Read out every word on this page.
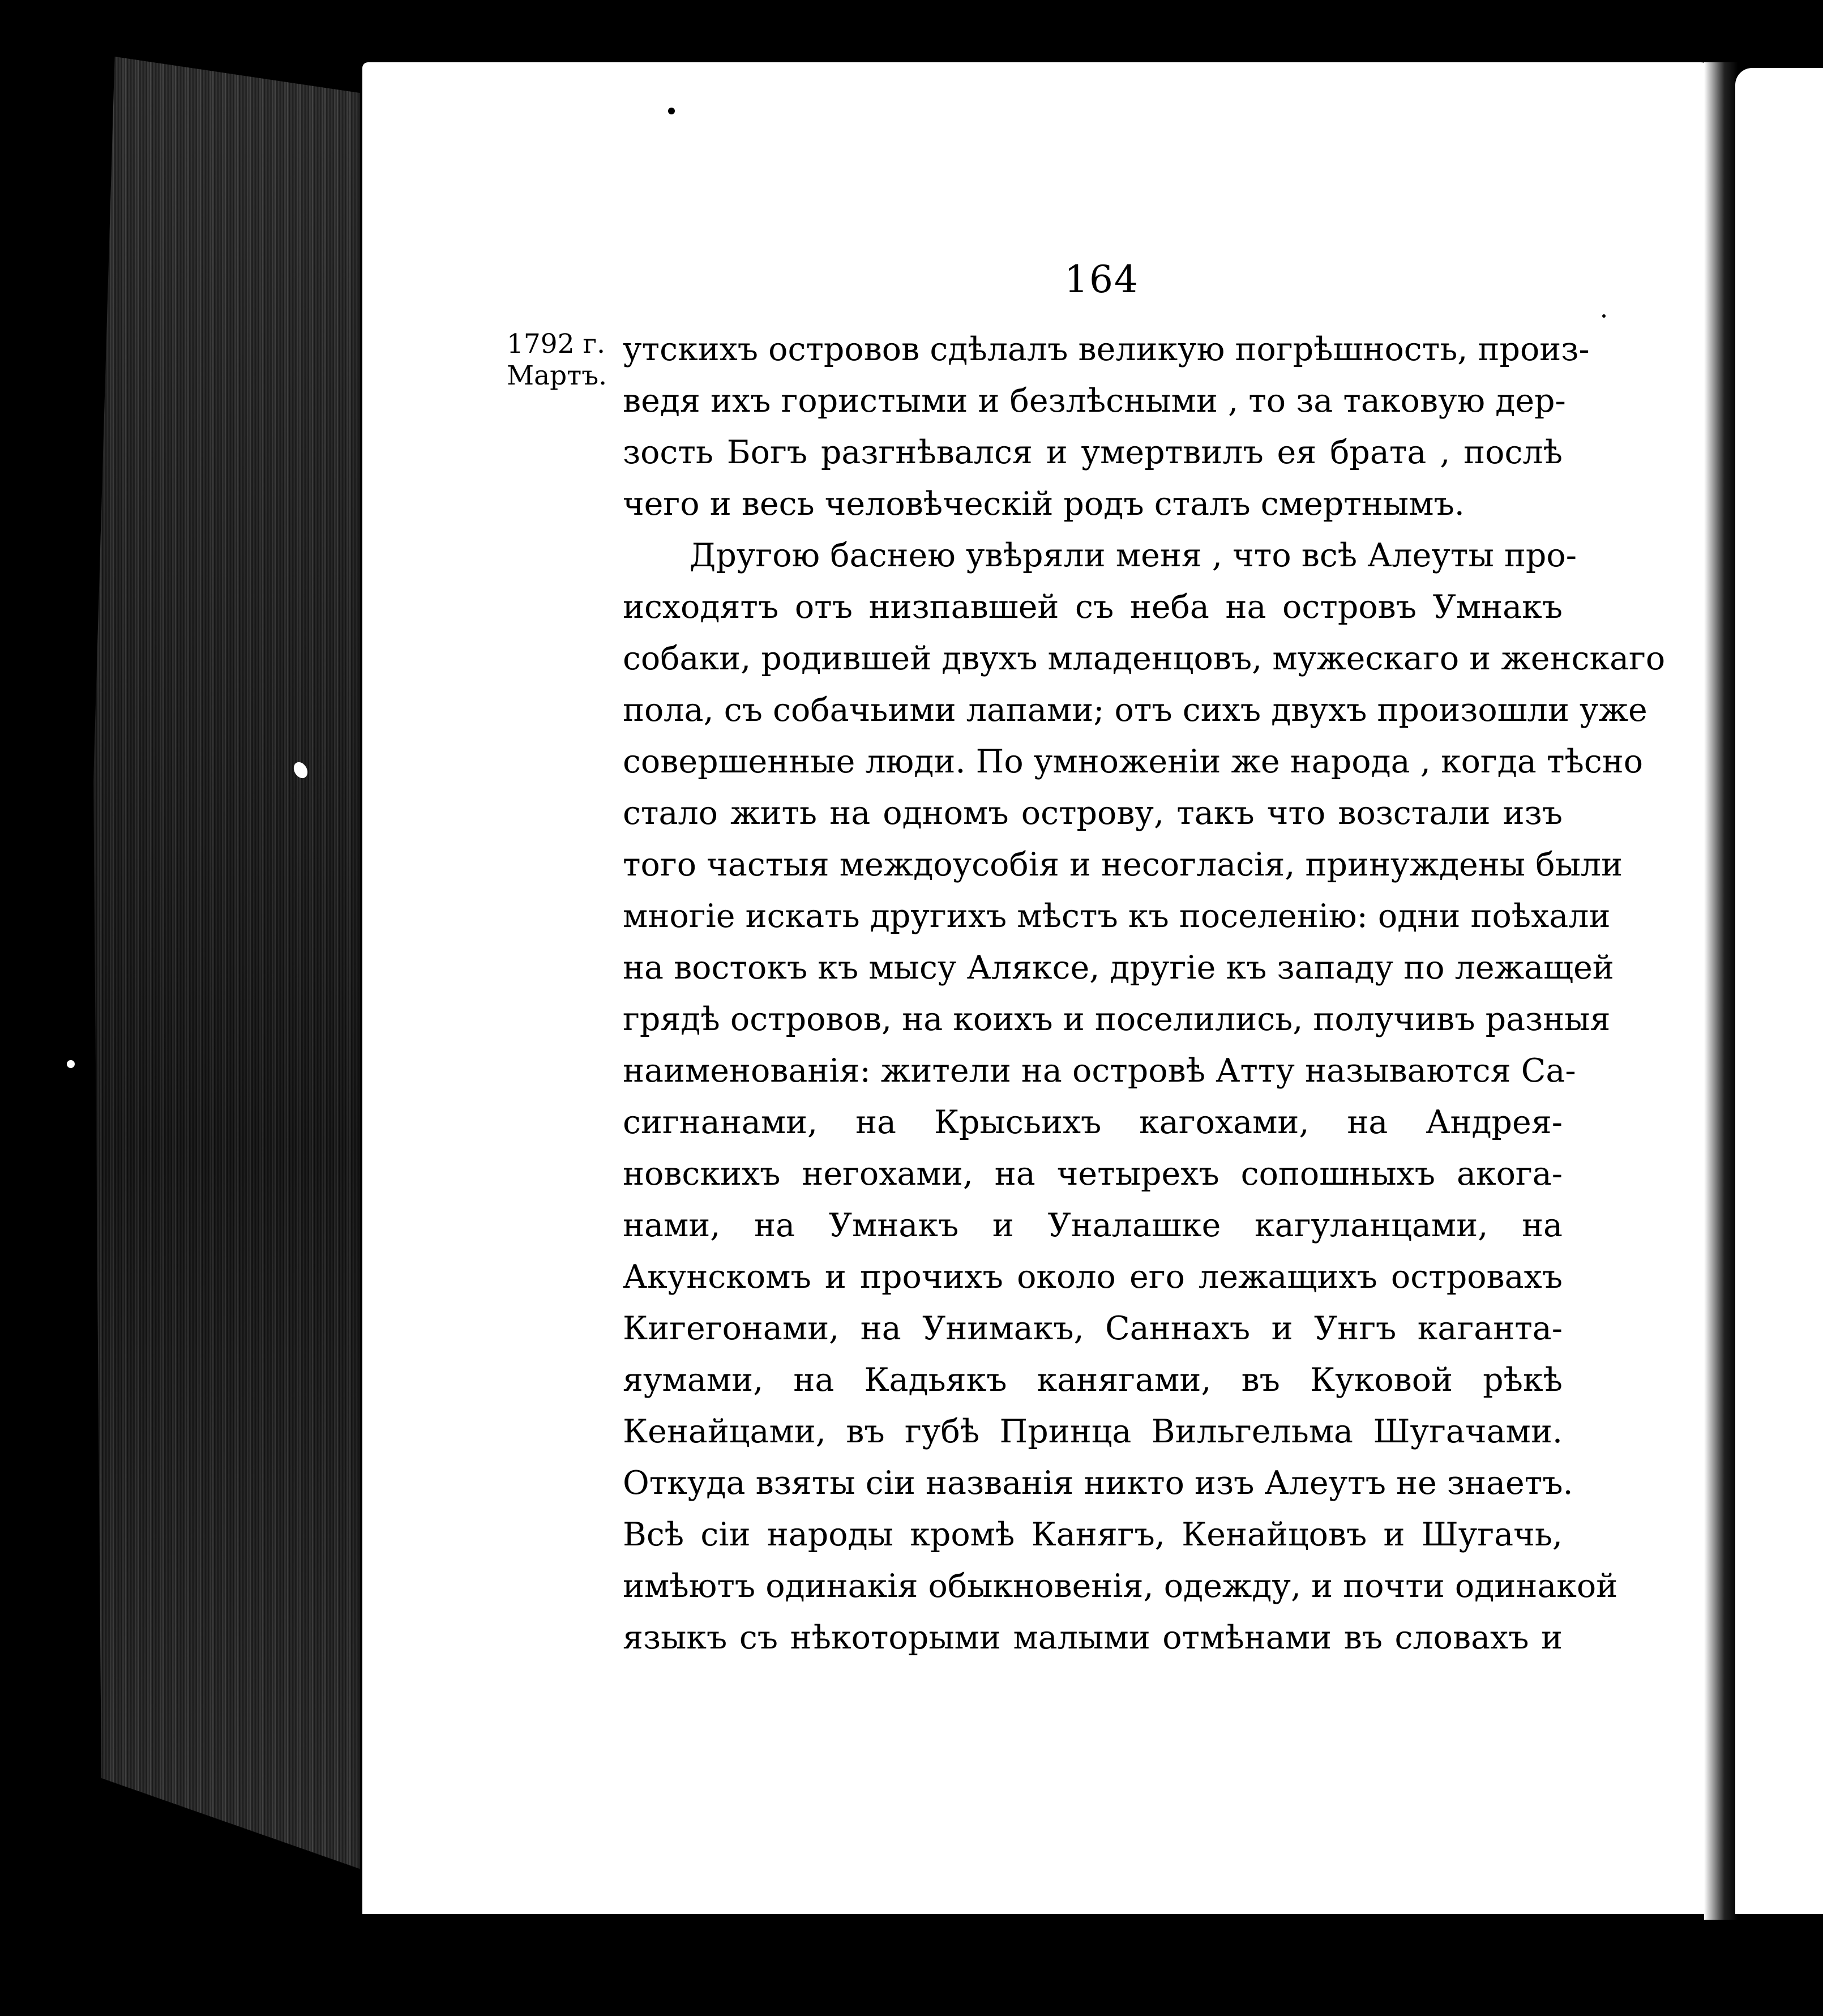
164
1792 г.
Мартъ.
утскихъ островов сдѣлалъ великую погрѣшность, произ-
ведя ихъ гористыми и безлѣсными , то за таковую дер-
зость Богъ разгнѣвался и умертвилъ ея брата , послѣ
чего и весь человѣческій родъ сталъ смертнымъ.
Другою баснею увѣряли меня , что всѣ Алеуты про-
исходятъ отъ низпавшей съ неба на островъ Умнакъ
собаки, родившей двухъ младенцовъ, мужескаго и женскаго
пола, съ собачьими лапами; отъ сихъ двухъ произошли уже
совершенные люди. По умноженіи же народа , когда тѣсно
стало жить на одномъ острову, такъ что возстали изъ
того частыя междоусобія и несогласія, принуждены были
многіе искать другихъ мѣстъ къ поселенію: одни поѣхали
на востокъ къ мысу Аляксе, другіе къ западу по лежащей
грядѣ островов, на коихъ и поселились, получивъ разныя
наименованія: жители на островѣ Атту называются Са-
сигнанами, на Крысьихъ кагохами, на Андрея-
новскихъ негохами, на четырехъ сопошныхъ акога-
нами, на Умнакъ и Уналашке кагуланцами, на
Акунскомъ и прочихъ около его лежащихъ островахъ
Кигегонами, на Унимакъ, Саннахъ и Унгъ каганта-
яумами, на Кадьякъ канягами, въ Куковой рѣкѣ
Кенайцами, въ губѣ Принца Вильгельма Шугачами.
Откуда взяты сіи названія никто изъ Алеутъ не знаетъ.
Всѣ сіи народы кромѣ Канягъ, Кенайцовъ и Шугачь,
имѣютъ одинакія обыкновенія, одежду, и почти одинакой
языкъ съ нѣкоторыми малыми отмѣнами въ словахъ и
